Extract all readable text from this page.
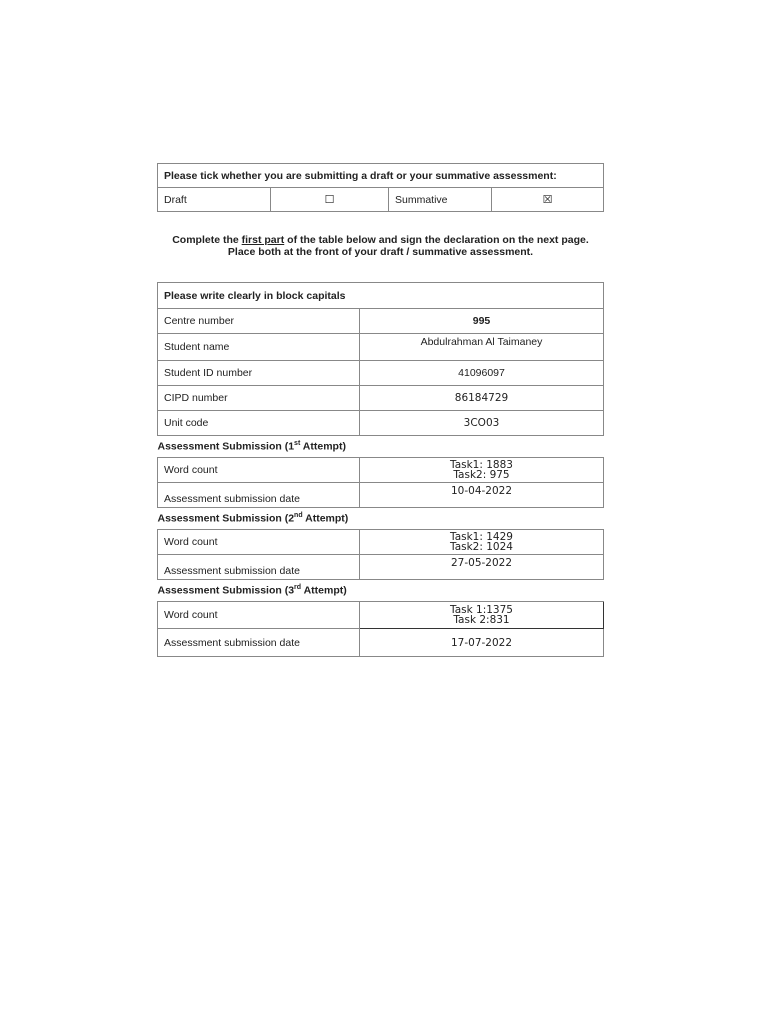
Please tick whether you are submitting a draft or your summative assessment:
Draft	☐	Summative	☒
Complete the first part of the table below and sign the declaration on the next page.
Place both at the front of your draft / summative assessment.
Please write clearly in block capitals	
Centre number	995
Student name	Abdulrahman Al Taimaney
Student ID number	41096097
CIPD number	86184729
Unit code	3CO03
Assessment Submission (1st Attempt)	
Word count	Task1: 1883
Task2: 975

Assessment submission date	10-04-2022
Assessment Submission (2nd Attempt)	
Word count	Task1: 1429
Task2: 1024

Assessment submission date	27-05-2022
Assessment Submission (3rd Attempt)	
Word count	Task 1:1375
Task 2:831

Assessment submission date	17-07-2022
